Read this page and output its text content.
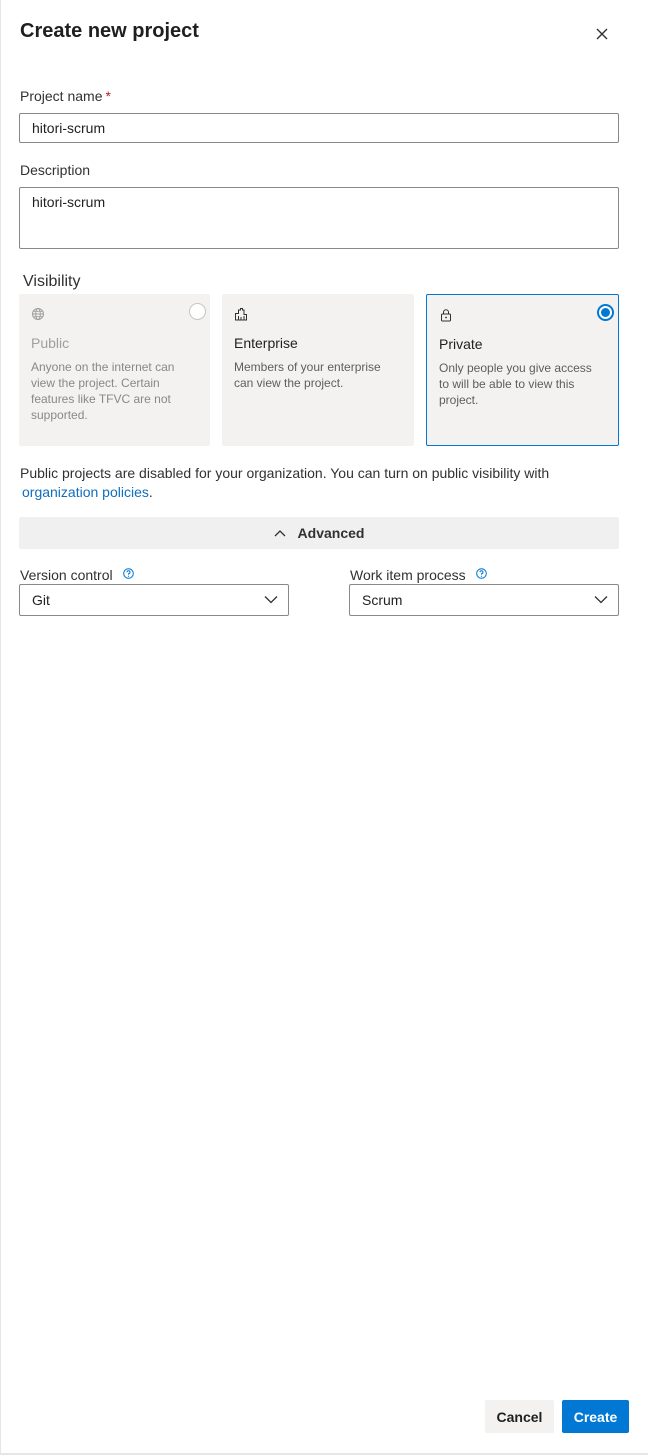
Create new project
Project name *
hitori-scrum
Description
hitori-scrum
Visibility
Public
Anyone on the internet can view the project. Certain features like TFVC are not supported.
Enterprise
Members of your enterprise can view the project.
Private
Only people you give access to will be able to view this project.
Public projects are disabled for your organization. You can turn on public visibility with
organization policies.
Advanced
Version control
Git
Work item process
Scrum
Cancel	Create
